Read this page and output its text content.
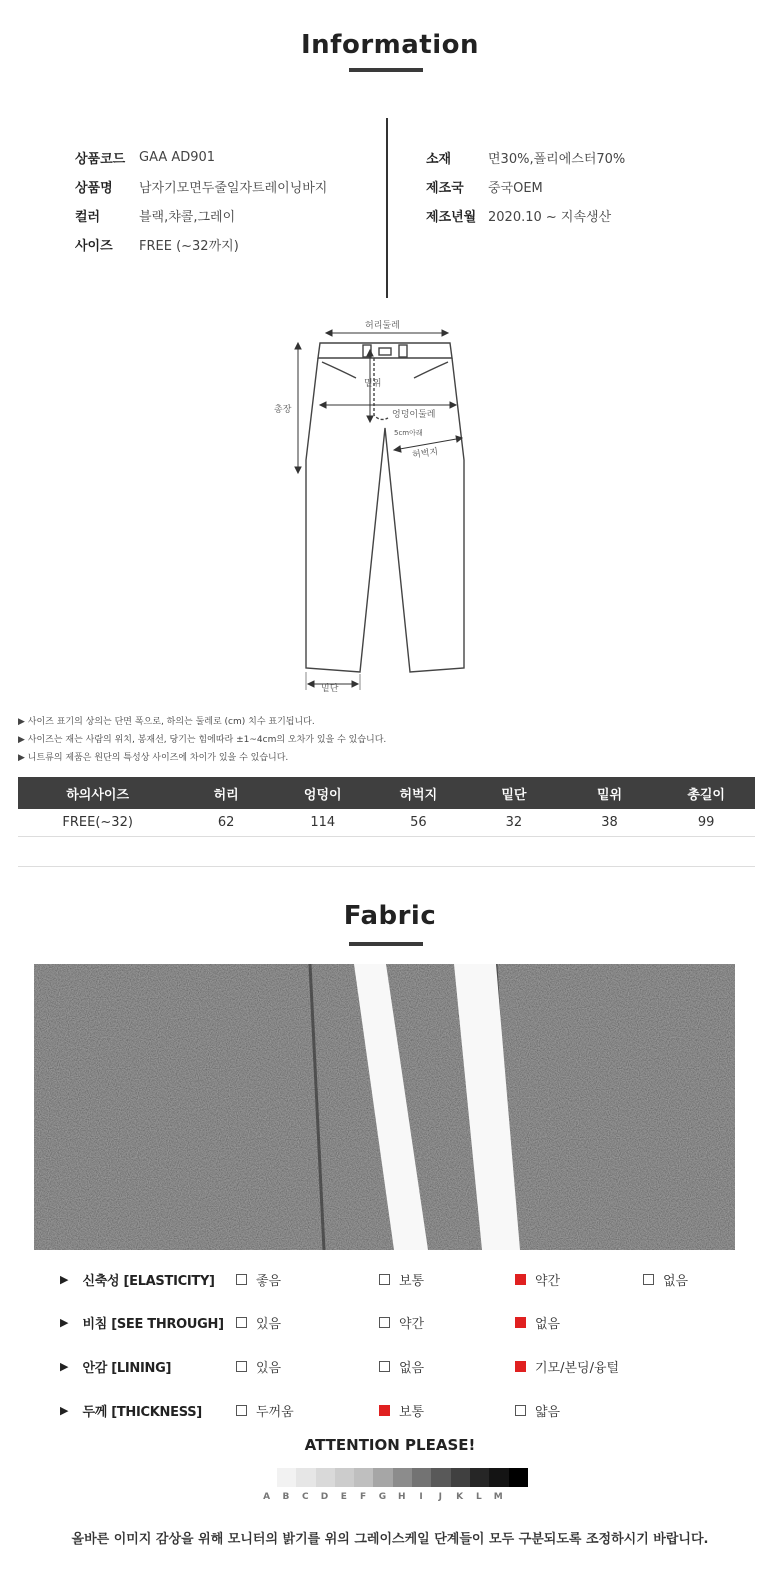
Information
상품코드	GAA AD901
상품명	남자기모면두줄일자트레이닝바지
컬러	블랙,챠콜,그레이
사이즈	FREE (~32까지)
소재	면30%,폴리에스터70%
제조국	중국OEM
제조년월 2020.10 ~ 지속생산
허리둘레
총장
밑위
엉덩이둘레
5cm아래
허벅지
밑단
▶ 사이즈 표기의 상의는 단면 폭으로, 하의는 둘레로 (cm) 치수 표기됩니다.
▶ 사이즈는 재는 사람의 위치, 봉재선, 당기는 힘에따라 ±1~4cm의 오차가 있을 수 있습니다.
▶ 니트류의 제품은 원단의 특성상 사이즈에 차이가 있을 수 있습니다.
하의사이즈	허리	엉덩이	허벅지	밑단	밑위	총길이
FREE(~32)	62	114	56	32	38	99
Fabric
▶ 신축성 [ELASTICITY]	좋음	보통	약간	없음
▶ 비침 [SEE THROUGH] 있음	약간	없음
▶ 안감 [LINING]	있음	없음	기모/본딩/융털
▶ 두께 [THICKNESS]	두꺼움	보통	얇음
ATTENTION PLEASE!
A	B	C	D	E	F	G	H	I	J	K	L	M
올바른 이미지 감상을 위해 모니터의 밝기를 위의 그레이스케일 단계들이 모두 구분되도록 조정하시기 바랍니다.
